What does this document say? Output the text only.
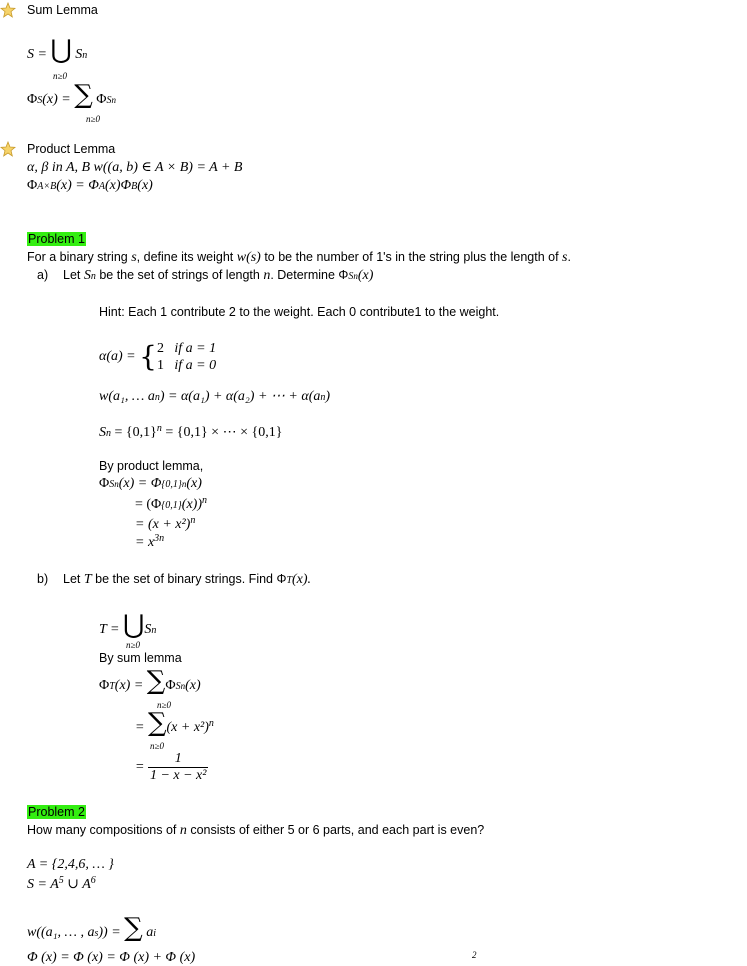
Sum Lemma
S = ⋃ Sn
n≥0
ΦS(x) = ∑ ΦSn
n≥0
Product Lemma
α, β in A, B w((a, b) ∈ A × B) = A + B
ΦA×B(x) = ΦA(x)ΦB(x)
Problem 1
For a binary string s, define its weight w(s) to be the number of 1's in the string plus the length of s.
a) Let Sn be the set of strings of length n. Determine ΦSn(x)
Hint: Each 1 contribute 2 to the weight. Each 0 contribute1 to the weight.
α(a) = {2 if a = 1
1 if a = 0
w(a₁, … an) = α(a₁) + α(a₂) + ⋯ + α(an)
$Sn = \{0,1\}^n = \{0,1\}$ × ⋯ × {0,1}
By product lemma,
ΦSn(x) = Φ{0,1}n(x)
= $(\Phi\{0,1\}(x))^n$
= $(x + x^2)^n$
= $x^{3n}$
b) Let T be the set of binary strings. Find ΦT(x).
T = ⋃Sn
n≥0
By sum lemma
ΦT(x) = ∑ΦSn(x)
n≥0
= $\sum(x + x^2)^n$
n≥0
= $\frac{1}{\text{1 − x − x²}}$
Problem 2
How many compositions of n consists of either 5 or 6 parts, and each part is even?
A = {2,4,6, … }
$S = A^5$ ∪ $A^6$
w((a₁, … , as)) = ∑ ai
Φ (x) = Φ (x) = Φ (x) + Φ (x)	2
